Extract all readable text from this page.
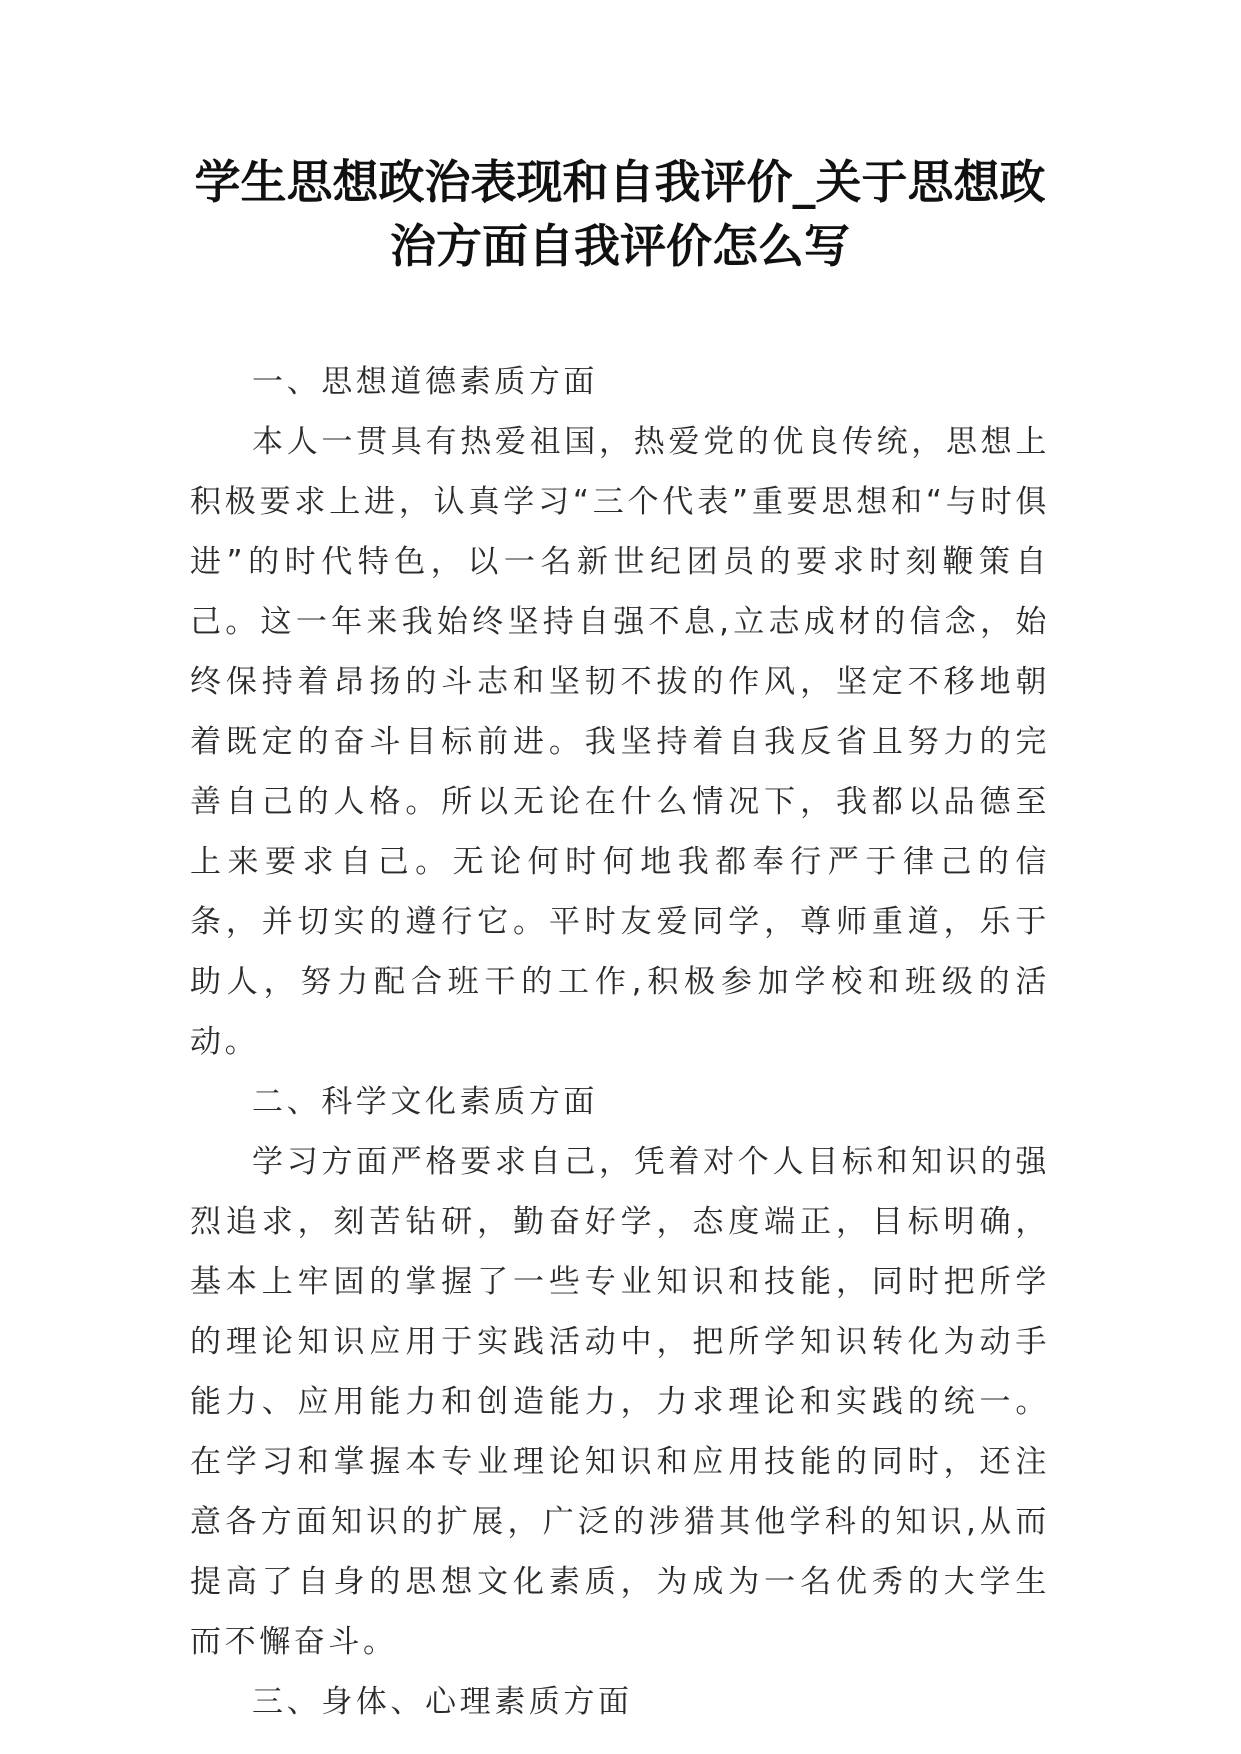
学生思想政治表现和自我评价_关于思想政
治方面自我评价怎么写

一、思想道德素质方面

本人一贯具有热爱祖国，热爱党的优良传统，思想上积极要求上进，认真学习“三个代表”重要思想和“与时俱进”的时代特色，以一名新世纪团员的要求时刻鞭策自己。这一年来我始终坚持自强不息,立志成材的信念，始终保持着昂扬的斗志和坚韧不拔的作风，坚定不移地朝着既定的奋斗目标前进。我坚持着自我反省且努力的完善自己的人格。所以无论在什么情况下，我都以品德至上来要求自己。无论何时何地我都奉行严于律己的信条，并切实的遵行它。平时友爱同学，尊师重道，乐于助人，努力配合班干的工作,积极参加学校和班级的活动。

二、科学文化素质方面

学习方面严格要求自己，凭着对个人目标和知识的强烈追求，刻苦钻研，勤奋好学，态度端正，目标明确，基本上牢固的掌握了一些专业知识和技能，同时把所学的理论知识应用于实践活动中，把所学知识转化为动手能力、应用能力和创造能力，力求理论和实践的统一。在学习和掌握本专业理论知识和应用技能的同时，还注意各方面知识的扩展，广泛的涉猎其他学科的知识,从而提高了自身的思想文化素质，为成为一名优秀的大学生而不懈奋斗。

三、身体、心理素质方面
